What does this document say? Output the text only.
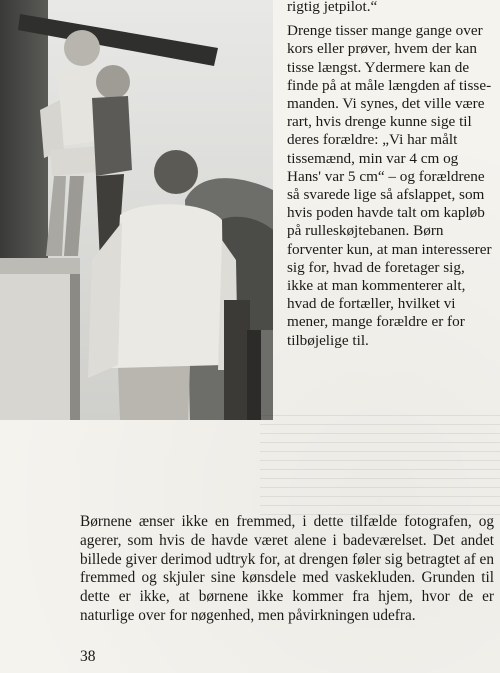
rigtig jetpilot.“

Drenge tisser mange gange over kors eller prøver, hvem der kan tisse længst. Ydermere kan de finde på at måle længden af tissemanden. Vi synes, det ville være rart, hvis drenge kunne sige til deres forældre: „Vi har målt tissemænd, min var 4 cm og Hans' var 5 cm“ – og forældrene så svarede lige så afslappet, som hvis poden havde talt om kapløb på rulleskøjtebanen. Børn forventer kun, at man interesserer sig for, hvad de foretager sig, ikke at man kommenterer alt, hvad de fortæller, hvilket vi mener, mange forældre er for tilbøjelige til.

Børnene ænser ikke en fremmed, i dette tilfælde fotografen, og agerer, som hvis de havde været alene i badeværelset. Det andet billede giver derimod udtryk for, at drengen føler sig betragtet af en fremmed og skjuler sine kønsdele med vaskekluden. Grunden til dette er ikke, at børnene ikke kommer fra hjem, hvor de er naturlige over for nøgenhed, men påvirkningen udefra.

38
